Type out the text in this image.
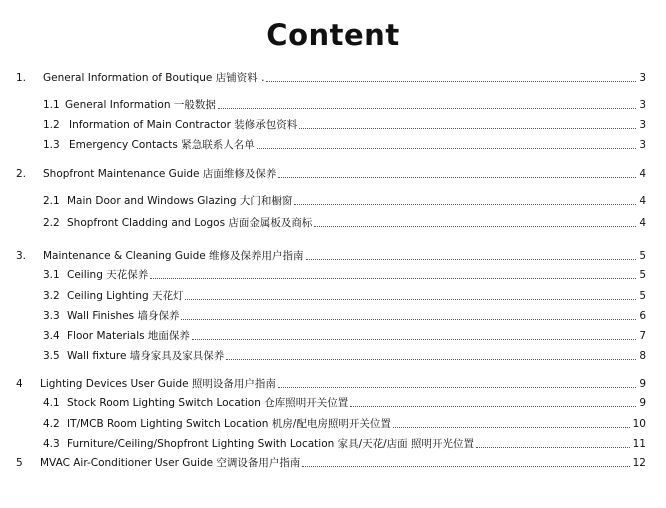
Content
1. General Information of Boutique 店铺资料 .	3
1.1 General Information 一般数据	3
1.2 Information of Main Contractor 装修承包资料	3
1.3 Emergency Contacts 紧急联系人名单	3
2. Shopfront Maintenance Guide 店面维修及保养	4
2.1 Main Door and Windows Glazing 大门和橱窗	4
2.2 Shopfront Cladding and Logos 店面金属板及商标	4
3. Maintenance & Cleaning Guide 维修及保养用户指南	5
3.1 Ceiling 天花保养	5
3.2 Ceiling Lighting 天花灯	5
3.3 Wall Finishes 墙身保养	6
3.4 Floor Materials 地面保养	7
3.5 Wall fixture 墙身家具及家具保养	8
4 Lighting Devices User Guide 照明设备用户指南	9
4.1 Stock Room Lighting Switch Location 仓库照明开关位置	9
4.2 IT/MCB Room Lighting Switch Location 机房/配电房照明开关位置	10
4.3 Furniture/Ceiling/Shopfront Lighting Swith Location 家具/天花/店面 照明开光位置	11
5 MVAC Air-Conditioner User Guide 空调设备用户指南	12
